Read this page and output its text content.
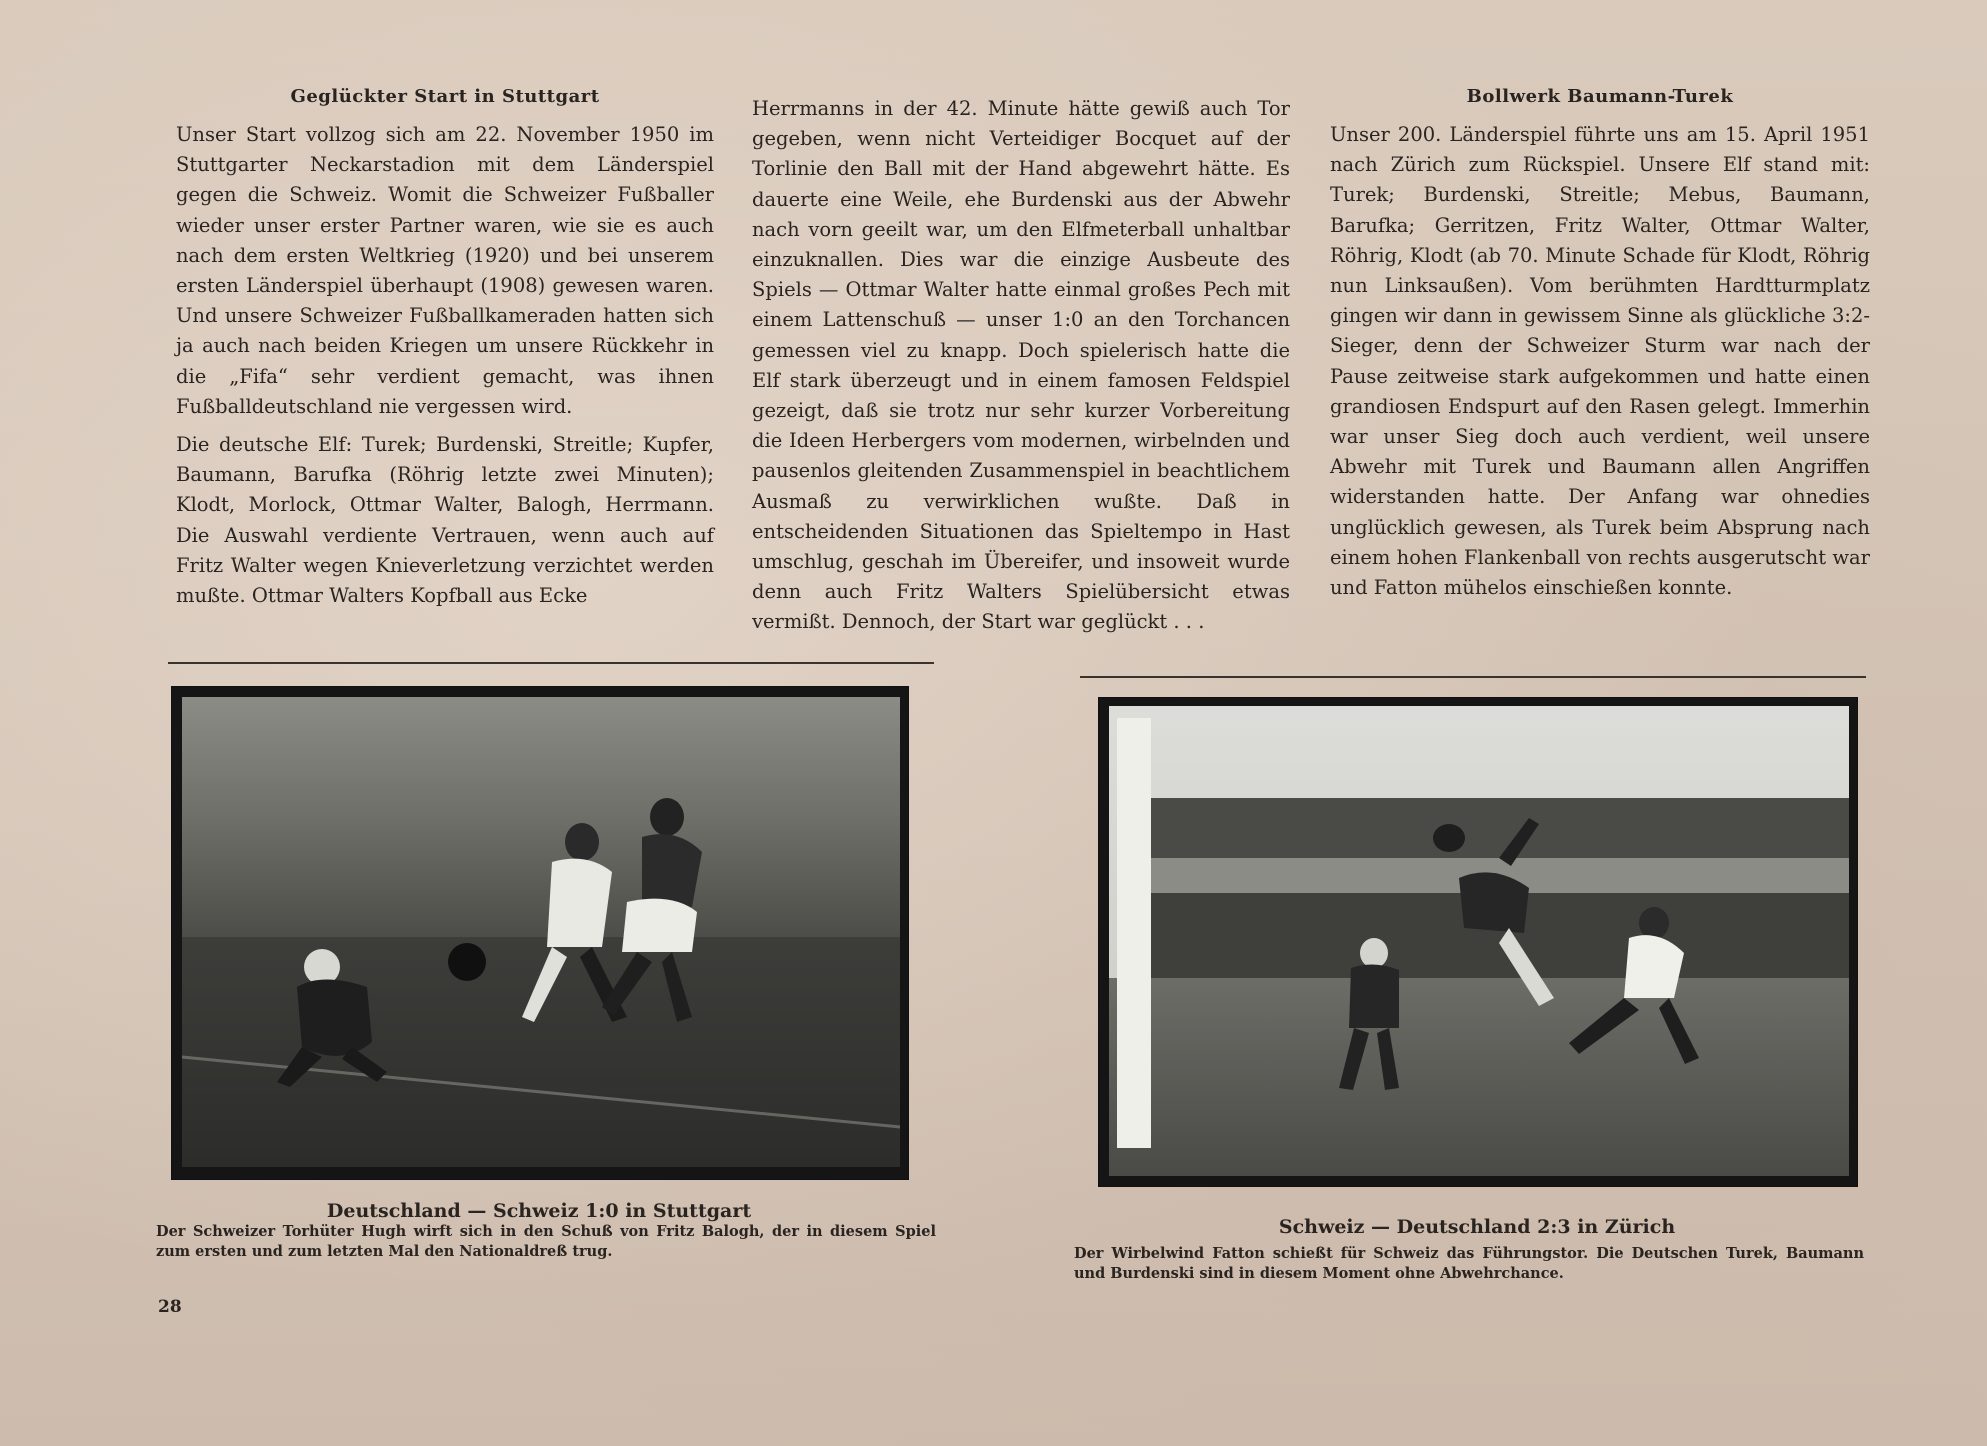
Geglückter Start in Stuttgart

Unser Start vollzog sich am 22. November 1950 im Stuttgarter Neckarstadion mit dem Länderspiel gegen die Schweiz. Womit die Schweizer Fußballer wieder unser erster Partner waren, wie sie es auch nach dem ersten Weltkrieg (1920) und bei unserem ersten Länderspiel überhaupt (1908) gewesen waren. Und unsere Schweizer Fußballkameraden hatten sich ja auch nach beiden Kriegen um unsere Rückkehr in die „Fifa“ sehr verdient gemacht, was ihnen Fußballdeutschland nie vergessen wird.

Die deutsche Elf: Turek; Burdenski, Streitle; Kupfer, Baumann, Barufka (Röhrig letzte zwei Minuten); Klodt, Morlock, Ottmar Walter, Balogh, Herrmann. Die Auswahl verdiente Vertrauen, wenn auch auf Fritz Walter wegen Knieverletzung verzichtet werden mußte. Ottmar Walters Kopfball aus Ecke

Herrmanns in der 42. Minute hätte gewiß auch Tor gegeben, wenn nicht Verteidiger Bocquet auf der Torlinie den Ball mit der Hand abgewehrt hätte. Es dauerte eine Weile, ehe Burdenski aus der Abwehr nach vorn geeilt war, um den Elfmeterball unhaltbar einzuknallen. Dies war die einzige Ausbeute des Spiels — Ottmar Walter hatte einmal großes Pech mit einem Lattenschuß — unser 1:0 an den Torchancen gemessen viel zu knapp. Doch spielerisch hatte die Elf stark überzeugt und in einem famosen Feldspiel gezeigt, daß sie trotz nur sehr kurzer Vorbereitung die Ideen Herbergers vom modernen, wirbelnden und pausenlos gleitenden Zusammenspiel in beachtlichem Ausmaß zu verwirklichen wußte. Daß in entscheidenden Situationen das Spieltempo in Hast umschlug, geschah im Übereifer, und insoweit wurde denn auch Fritz Walters Spielübersicht etwas vermißt. Dennoch, der Start war geglückt . . .

Bollwerk Baumann-Turek

Unser 200. Länderspiel führte uns am 15. April 1951 nach Zürich zum Rückspiel. Unsere Elf stand mit: Turek; Burdenski, Streitle; Mebus, Baumann, Barufka; Gerritzen, Fritz Walter, Ottmar Walter, Röhrig, Klodt (ab 70. Minute Schade für Klodt, Röhrig nun Linksaußen). Vom berühmten Hardtturmplatz gingen wir dann in gewissem Sinne als glückliche 3:2-Sieger, denn der Schweizer Sturm war nach der Pause zeitweise stark aufgekommen und hatte einen grandiosen Endspurt auf den Rasen gelegt. Immerhin war unser Sieg doch auch verdient, weil unsere Abwehr mit Turek und Baumann allen Angriffen widerstanden hatte. Der Anfang war ohnedies unglücklich gewesen, als Turek beim Absprung nach einem hohen Flankenball von rechts ausgerutscht war und Fatton mühelos einschießen konnte.

Deutschland — Schweiz 1:0 in Stuttgart
Der Schweizer Torhüter Hugh wirft sich in den Schuß von Fritz Balogh, der in diesem Spiel zum ersten und zum letzten Mal den Nationaldreß trug.
Schweiz — Deutschland 2:3 in Zürich
Der Wirbelwind Fatton schießt für Schweiz das Führungstor. Die Deutschen Turek, Baumann und Burdenski sind in diesem Moment ohne Abwehrchance.
28
